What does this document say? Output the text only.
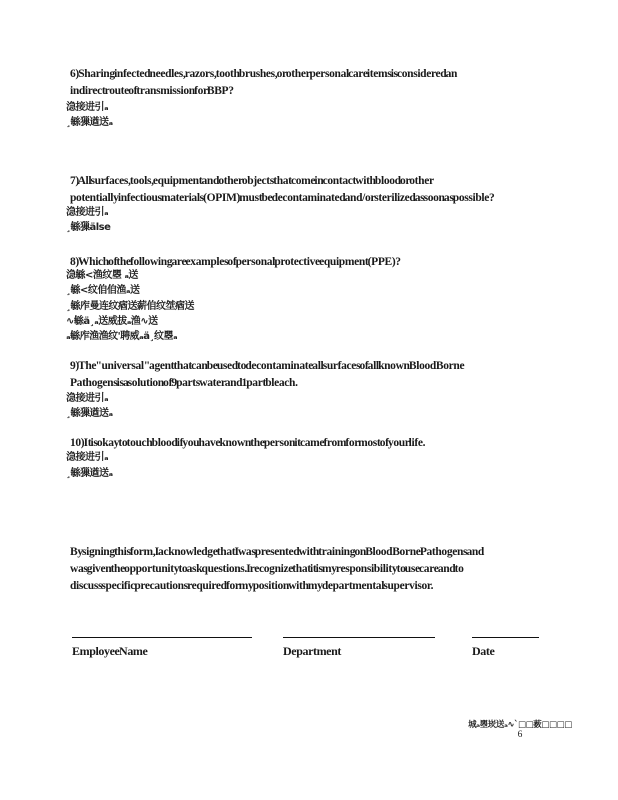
6) Sharing infected needles, razors, tooth brushes, or other personal care items is considered an
indirect route of transmission for BBP?
㴔接进引ₐ
¸䋣㺐遒送ₐ
7) All surfaces, tools, equipment and other objects that come in contact with blood or other
potentially infectious materials (OPIM) must be decontaminated and/or sterilized as soon as possible?
㴔接进引ₐ
¸䋣㺐älse
8) Which of the following are examples of personal protective equipment (PPE)?
㴔䋣<渔纹瞾 ₐ送
¸䋣<纹㑑㑑渔ₐ送
¸䋣㡸曼连纹㾞送薪㑑纹㘶㾞送
∿䋣ä¸ₐ送威拔ₐ渔∿送
ₐ䋣㡸渔渔纹'聘威ₐä¸纹瞾ₐ
9) The "universal" agent that can be used to decontaminate all surfaces of all known BloodBorne
Pathogens is a solution of 9 parts water and 1 part bleach.
㴔接进引ₐ
¸䋣㺐遒送ₐ
10) It is okay to touch blood if you have known the person it came from for most of your life.
㴔接进引ₐ
¸䋣㺐遒送ₐ
By signing this form, I acknowledge that I was presented with training on BloodBorne Pathogens and
was given the opportunity to ask questions. I recognize that it is my responsibility to use care and to
discuss specific precautions required for my position with my departmental supervisor.
Employee Name	Department	Date
城ₐ瞾崁送ₐ∿`□□薮□□□□
6
